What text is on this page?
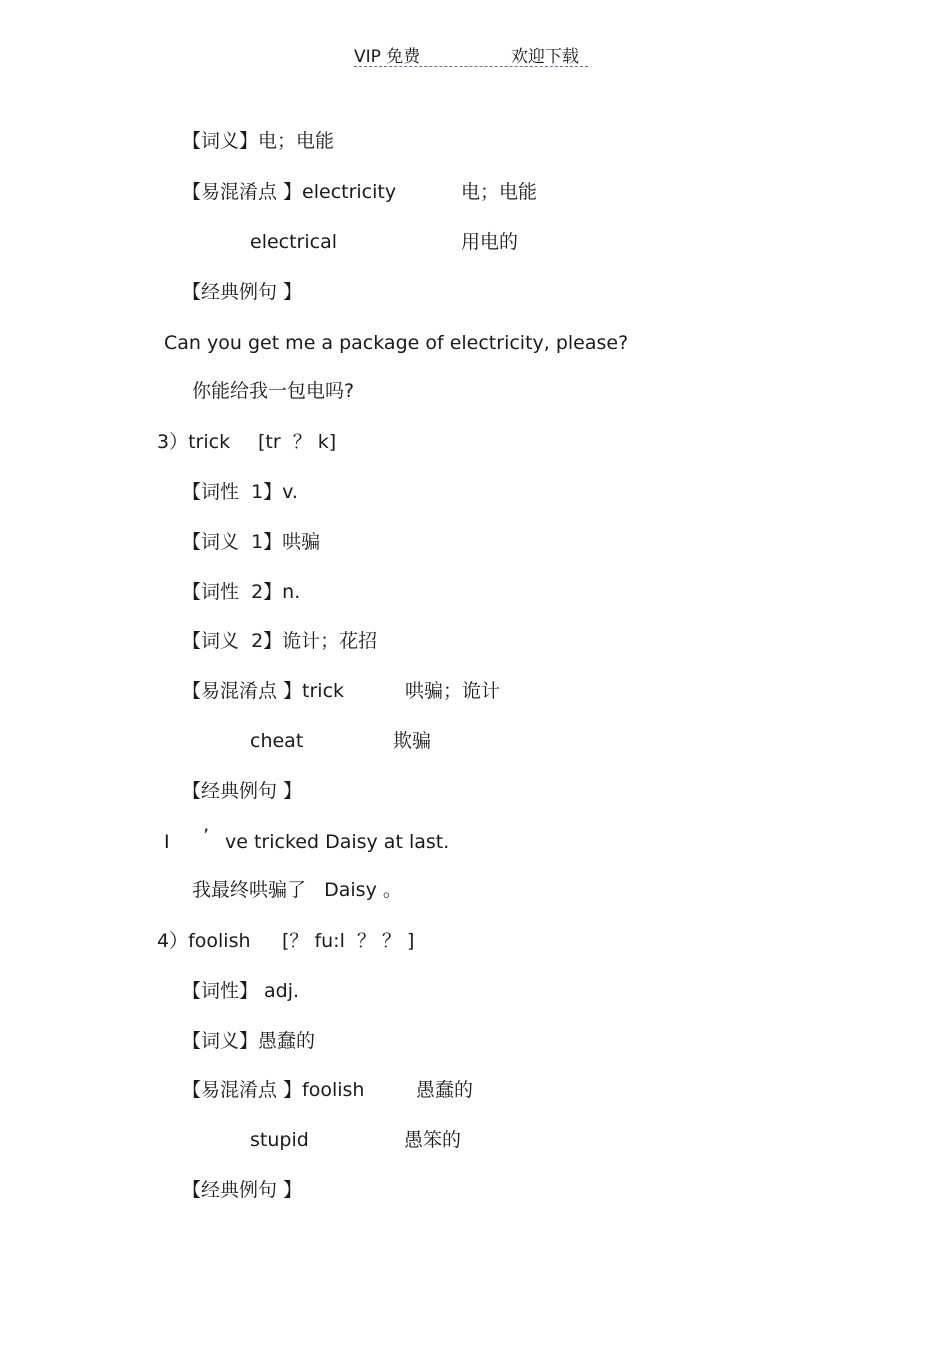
VIP 免费	欢迎下载
【词义】电；电能
【易混淆点 】electricity	电；电能
electrical	用电的
【经典例句 】
Can you get me a package of electricity, please?
你能给我一包电吗?
3）trick [tr  ？ k]
【词性  1】v.
【词义  1】哄骗
【词性  2】n.
【词义  2】诡计；花招
【易混淆点 】trick	哄骗；诡计
cheat	欺骗
【经典例句 】
I ’ ve tricked Daisy at last.
我最终哄骗了   Daisy 。
4）foolish [？ fu:l  ？ ？ ]
【词性】 adj.
【词义】愚蠢的
【易混淆点 】foolish	愚蠢的
stupid	愚笨的
【经典例句 】
